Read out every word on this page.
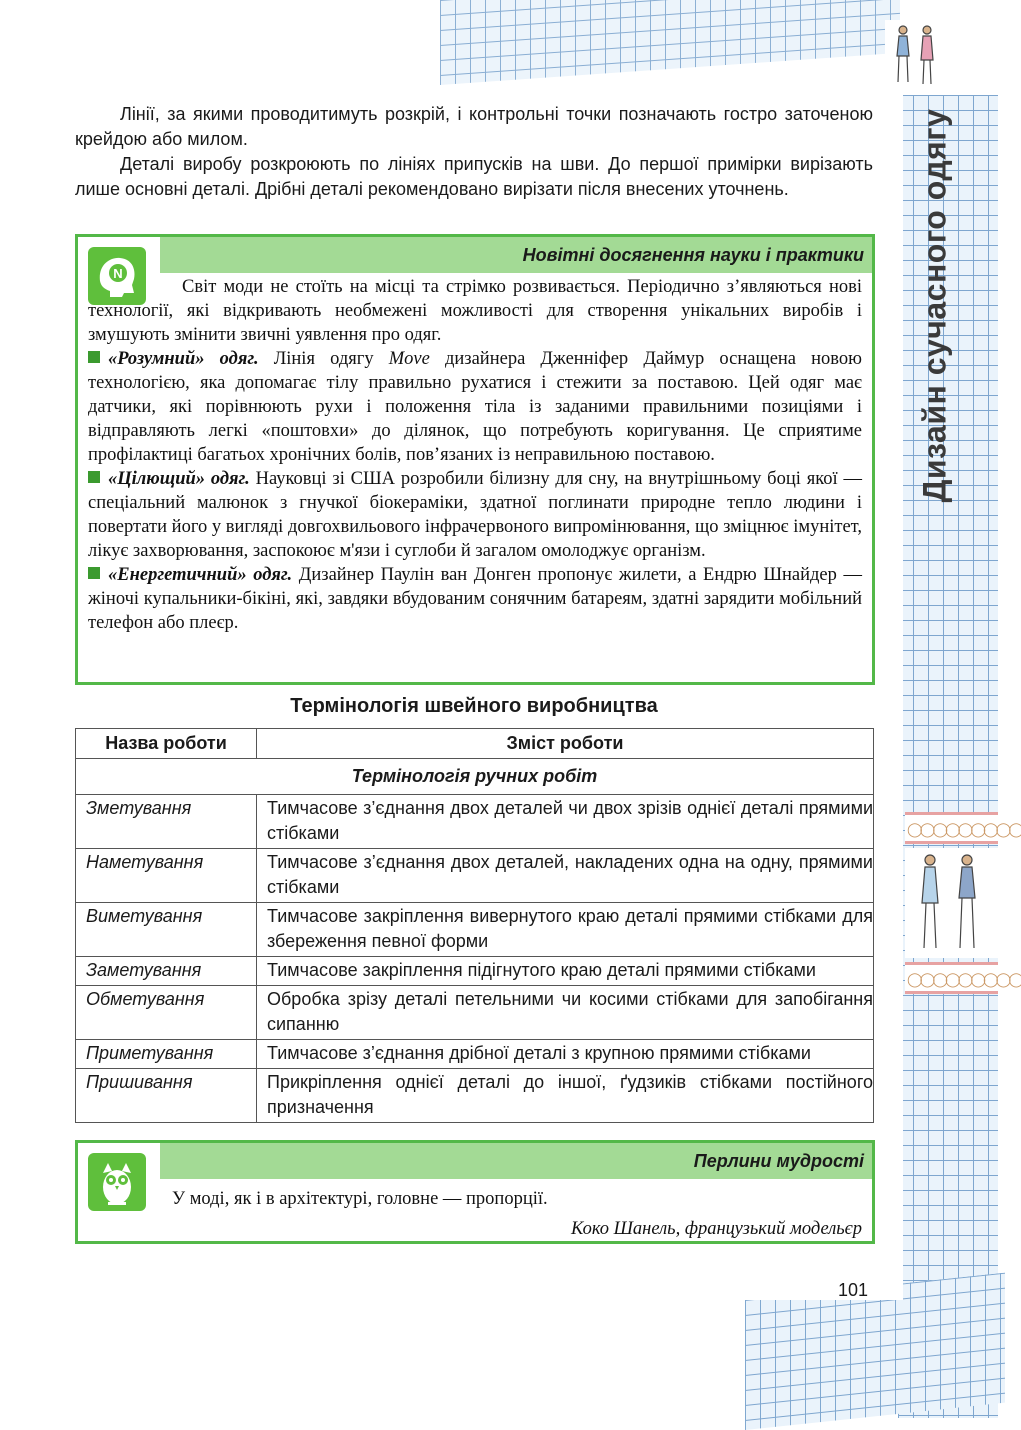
Дизайн сучасного одягу
◯◯◯◯◯◯◯◯◯
◯◯◯◯◯◯◯◯◯

Лінії, за якими проводитимуть розкрій, і контрольні точки позначають гостро заточеною крейдою або милом.

Деталі виробу розкроюють по лініях припусків на шви. До першої примірки вирізають лише основні деталі. Дрібні деталі рекомендовано вирізати після внесених уточнень.

Новітні досягнення науки і практики
N

Світ моди не стоїть на місці та стрімко розвивається. Періодично з’являються нові технології, які відкривають необмежені можливості для створення унікальних виробів і змушують змінити звичні уявлення про одяг.

«Розумний» одяг. Лінія одягу Move дизайнера Дженніфер Даймур оснащена новою технологією, яка допомагає тілу правильно рухатися і стежити за поставою. Цей одяг має датчики, які порівнюють рухи і положення тіла із заданими правильними позиціями і відправляють легкі «поштовхи» до ділянок, що потребують коригування. Це сприятиме профілактиці багатьох хронічних болів, пов’язаних із неправильною поставою.

«Цілющий» одяг. Науковці зі США розробили білизну для сну, на внутрішньому боці якої — спеціальний малюнок з гнучкої біокераміки, здатної поглинати природне тепло людини і повертати його у вигляді довгохвильового інфрачервоного випромінювання, що зміцнює імунітет, лікує захворювання, заспокоює м'язи і суглоби й загалом омолоджує організм.

«Енергетичний» одяг. Дизайнер Паулін ван Донген пропонує жилети, а Ендрю Шнайдер — жіночі купальники-бікіні, які, завдяки вбудованим сонячним батареям, здатні зарядити мобільний телефон або плеєр.

Термінологія швейного виробництва
Назва роботи	Зміст роботи
Термінологія ручних робіт	
Зметування	Тимчасове з’єднання двох деталей чи двох зрізів однієї деталі прямими стібками
Наметування	Тимчасове з’єднання двох деталей, накладених одна на одну, прямими стібками
Виметування	Тимчасове закріплення вивернутого краю деталі прямими стібками для збереження певної форми
Заметування	Тимчасове закріплення підігнутого краю деталі прямими стібками
Обметування	Обробка зрізу деталі петельними чи косими стібками для запобігання сипанню
Приметування	Тимчасове з’єднання дрібної деталі з крупною прямими стібками
Пришивання	Прикріплення однієї деталі до іншої, ґудзиків стібками постійного призначення
Перлини мудрості

У моді, як і в архітектурі, головне — пропорції.

Коко Шанель, французький модельєр

101
